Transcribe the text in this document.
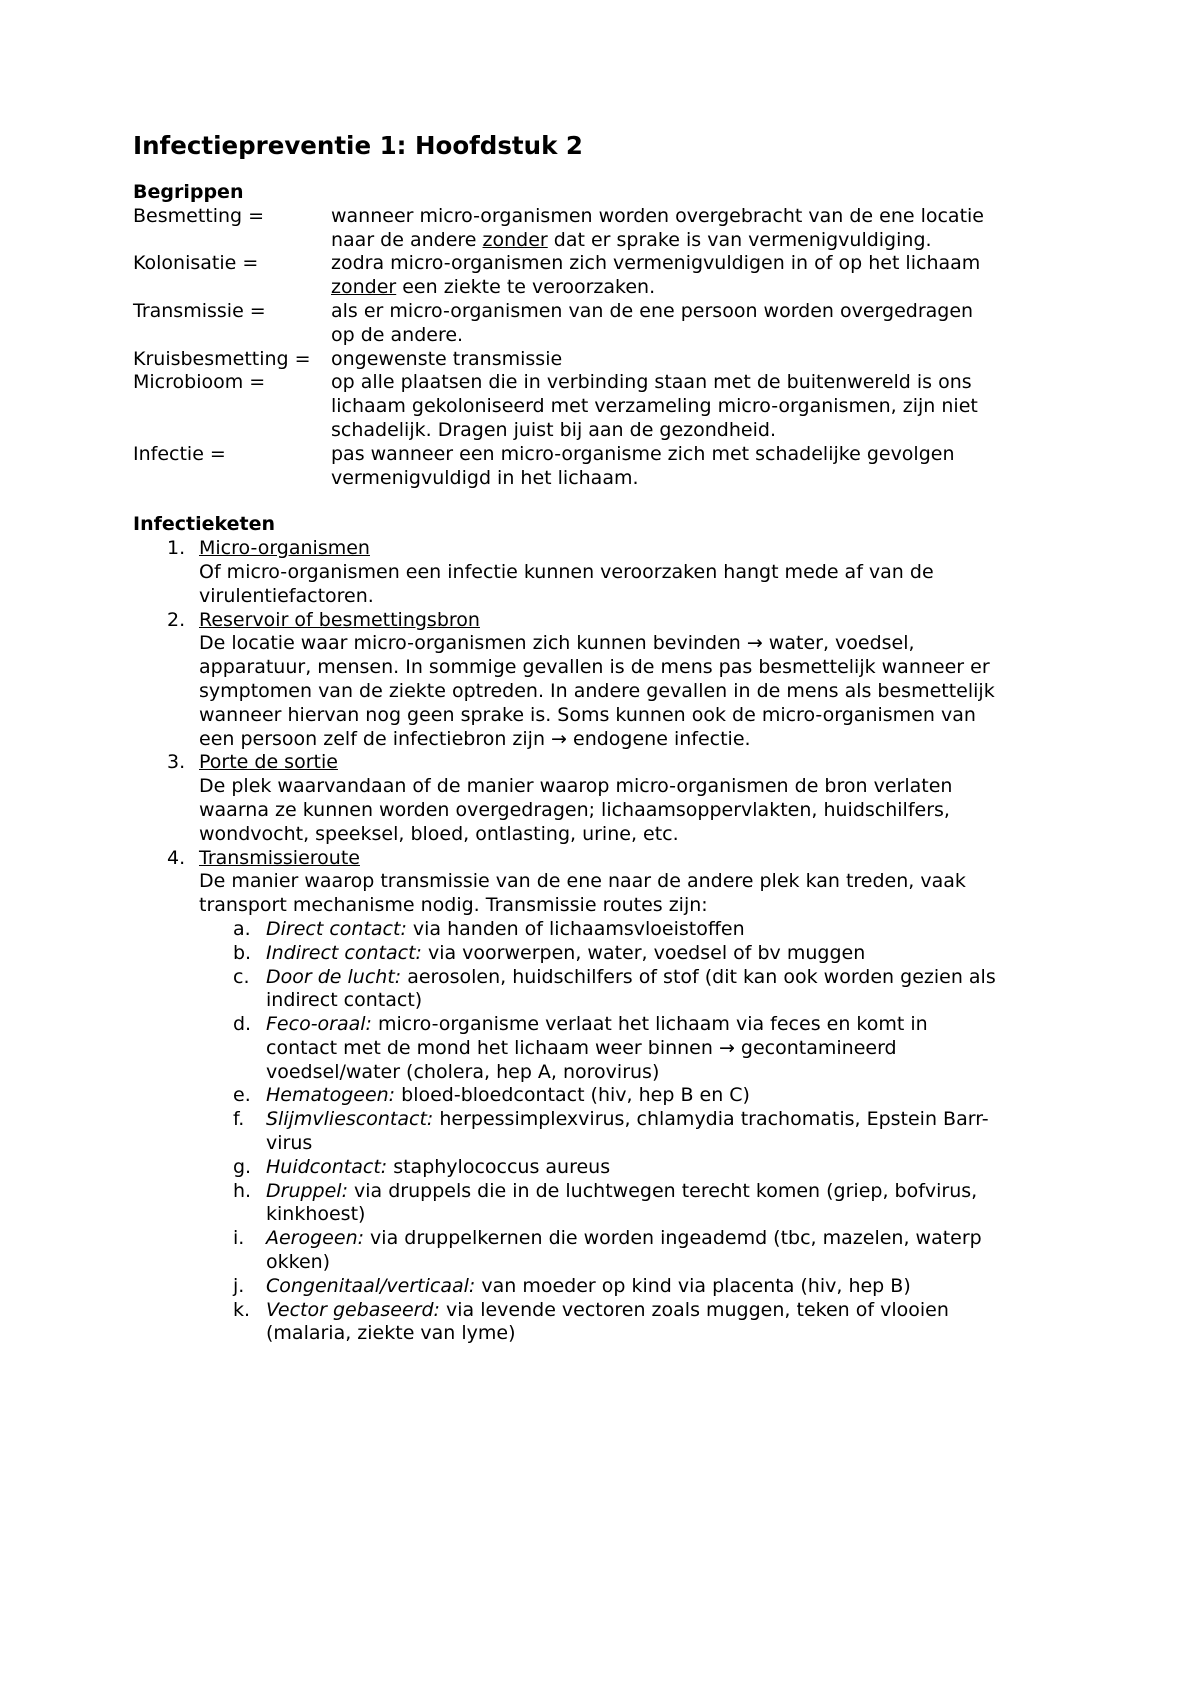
Infectiepreventie 1: Hoofdstuk 2
Begrippen
Besmetting =	wanneer micro-organismen worden overgebracht van de ene locatie naar de andere zonder dat er sprake is van vermenigvuldiging.
Kolonisatie =	zodra micro-organismen zich vermenigvuldigen in of op het lichaam zonder een ziekte te veroorzaken.
Transmissie =	als er micro-organismen van de ene persoon worden overgedragen op de andere.
Kruisbesmetting =	ongewenste transmissie
Microbioom =	op alle plaatsen die in verbinding staan met de buitenwereld is ons lichaam gekoloniseerd met verzameling micro-organismen, zijn niet schadelijk. Dragen juist bij aan de gezondheid.
Infectie =	pas wanneer een micro-organisme zich met schadelijke gevolgen vermenigvuldigd in het lichaam.
Infectieketen
Micro-organismen
Of micro-organismen een infectie kunnen veroorzaken hangt mede af van de virulentiefactoren.
Reservoir of besmettingsbron
De locatie waar micro-organismen zich kunnen bevinden → water, voedsel, apparatuur, mensen. In sommige gevallen is de mens pas besmettelijk wanneer er symptomen van de ziekte optreden. In andere gevallen in de mens als besmettelijk wanneer hiervan nog geen sprake is. Soms kunnen ook de micro-organismen van een persoon zelf de infectiebron zijn → endogene infectie.
Porte de sortie
De plek waarvandaan of de manier waarop micro-organismen de bron verlaten waarna ze kunnen worden overgedragen; lichaamsoppervlakten, huidschilfers, wondvocht, speeksel, bloed, ontlasting, urine, etc.
Transmissieroute
De manier waarop transmissie van de ene naar de andere plek kan treden, vaak transport mechanisme nodig. Transmissie routes zijn:
a. Direct contact: via handen of lichaamsvloeistoffen
b. Indirect contact: via voorwerpen, water, voedsel of bv muggen
c. Door de lucht: aerosolen, huidschilfers of stof (dit kan ook worden gezien als indirect contact)
d. Feco-oraal: micro-organisme verlaat het lichaam via feces en komt in contact met de mond het lichaam weer binnen → gecontamineerd voedsel/water (cholera, hep A, norovirus)
e. Hematogeen: bloed-bloedcontact (hiv, hep B en C)
f. Slijmvliescontact: herpessimplexvirus, chlamydia trachomatis, Epstein Barr-virus
g. Huidcontact: staphylococcus aureus
h. Druppel: via druppels die in de luchtwegen terecht komen (griep, bofvirus, kinkhoest)
i. Aerogeen: via druppelkernen die worden ingeademd (tbc, mazelen, waterp okken)
j. Congenitaal/verticaal: van moeder op kind via placenta (hiv, hep B)
k. Vector gebaseerd: via levende vectoren zoals muggen, teken of vlooien (malaria, ziekte van lyme)
